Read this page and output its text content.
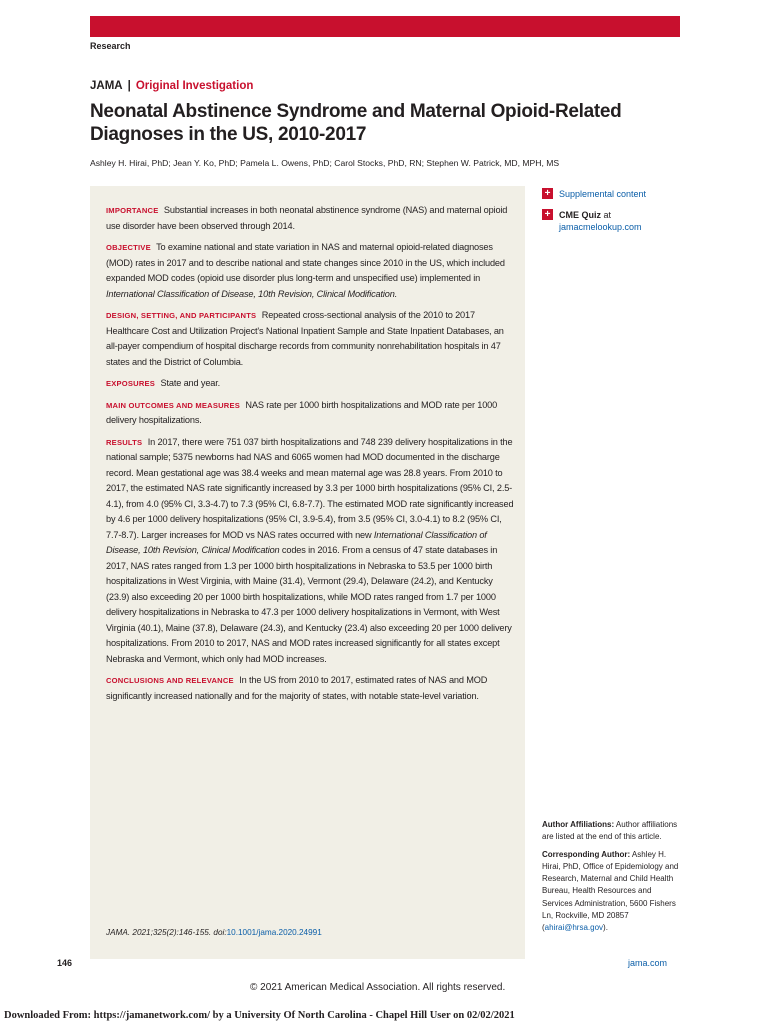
Research
JAMA | Original Investigation
Neonatal Abstinence Syndrome and Maternal Opioid-Related Diagnoses in the US, 2010-2017
Ashley H. Hirai, PhD; Jean Y. Ko, PhD; Pamela L. Owens, PhD; Carol Stocks, PhD, RN; Stephen W. Patrick, MD, MPH, MS

IMPORTANCE Substantial increases in both neonatal abstinence syndrome (NAS) and maternal opioid use disorder have been observed through 2014.

OBJECTIVE To examine national and state variation in NAS and maternal opioid-related diagnoses (MOD) rates in 2017 and to describe national and state changes since 2010 in the US, which included expanded MOD codes (opioid use disorder plus long-term and unspecified use) implemented in International Classification of Disease, 10th Revision, Clinical Modification.

DESIGN, SETTING, AND PARTICIPANTS Repeated cross-sectional analysis of the 2010 to 2017 Healthcare Cost and Utilization Project's National Inpatient Sample and State Inpatient Databases, an all-payer compendium of hospital discharge records from community nonrehabilitation hospitals in 47 states and the District of Columbia.

EXPOSURES State and year.

MAIN OUTCOMES AND MEASURES NAS rate per 1000 birth hospitalizations and MOD rate per 1000 delivery hospitalizations.

RESULTS In 2017, there were 751 037 birth hospitalizations and 748 239 delivery hospitalizations in the national sample; 5375 newborns had NAS and 6065 women had MOD documented in the discharge record. Mean gestational age was 38.4 weeks and mean maternal age was 28.8 years. From 2010 to 2017, the estimated NAS rate significantly increased by 3.3 per 1000 birth hospitalizations (95% CI, 2.5-4.1), from 4.0 (95% CI, 3.3-4.7) to 7.3 (95% CI, 6.8-7.7). The estimated MOD rate significantly increased by 4.6 per 1000 delivery hospitalizations (95% CI, 3.9-5.4), from 3.5 (95% CI, 3.0-4.1) to 8.2 (95% CI, 7.7-8.7). Larger increases for MOD vs NAS rates occurred with new International Classification of Disease, 10th Revision, Clinical Modification codes in 2016. From a census of 47 state databases in 2017, NAS rates ranged from 1.3 per 1000 birth hospitalizations in Nebraska to 53.5 per 1000 birth hospitalizations in West Virginia, with Maine (31.4), Vermont (29.4), Delaware (24.2), and Kentucky (23.9) also exceeding 20 per 1000 birth hospitalizations, while MOD rates ranged from 1.7 per 1000 delivery hospitalizations in Nebraska to 47.3 per 1000 delivery hospitalizations in Vermont, with West Virginia (40.1), Maine (37.8), Delaware (24.3), and Kentucky (23.4) also exceeding 20 per 1000 delivery hospitalizations. From 2010 to 2017, NAS and MOD rates increased significantly for all states except Nebraska and Vermont, which only had MOD increases.

CONCLUSIONS AND RELEVANCE In the US from 2010 to 2017, estimated rates of NAS and MOD significantly increased nationally and for the majority of states, with notable state-level variation.

JAMA. 2021;325(2):146-155. doi:10.1001/jama.2020.24991
+ Supplemental content
+ CME Quiz at
jamacmelookup.com

Author Affiliations: Author affiliations are listed at the end of this article.

Corresponding Author: Ashley H. Hirai, PhD, Office of Epidemiology and Research, Maternal and Child Health Bureau, Health Resources and Services Administration, 5600 Fishers Ln, Rockville, MD 20857 (ahirai@hrsa.gov).

146	jama.com
© 2021 American Medical Association. All rights reserved.
Downloaded From: https://jamanetwork.com/ by a University Of North Carolina - Chapel Hill User on 02/02/2021
